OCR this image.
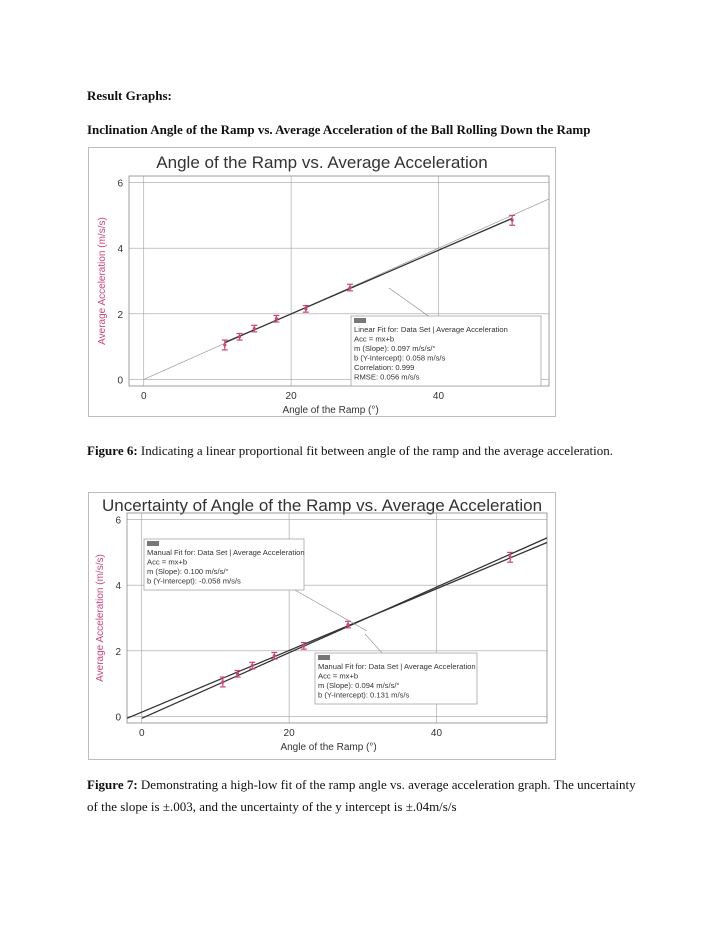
Result Graphs:
Inclination Angle of the Ramp vs. Average Acceleration of the Ball Rolling Down the Ramp
Angle of the Ramp vs. Average Acceleration
0	20	40
0
2
4
6
Angle of the Ramp (°)
Average Acceleration (m/s/s)	Linear Fit for: Data Set | Average Acceleration
Acc = mx+b
m (Slope): 0.097 m/s/s/°
b (Y-Intercept): 0.058 m/s/s
Correlation: 0.999
RMSE: 0.056 m/s/s
Figure 6: Indicating a linear proportional fit between angle of the ramp and the average acceleration.
Uncertainty of Angle of the Ramp vs. Average Acceleration
0	20	40
0
2
4
6
Angle of the Ramp (°)
Average Acceleration (m/s/s)
Manual Fit for: Data Set | Average Acceleration
Acc = mx+b
m (Slope): 0.100 m/s/s/°
b (Y-Intercept): -0.058 m/s/s
Manual Fit for: Data Set | Average Acceleration
Acc = mx+b
m (Slope): 0.094 m/s/s/°
b (Y-Intercept): 0.131 m/s/s
Figure 7: Demonstrating a high-low fit of the ramp angle vs. average acceleration graph. The uncertainty of the slope is ±.003, and the uncertainty of the y intercept is ±.04m/s/s
